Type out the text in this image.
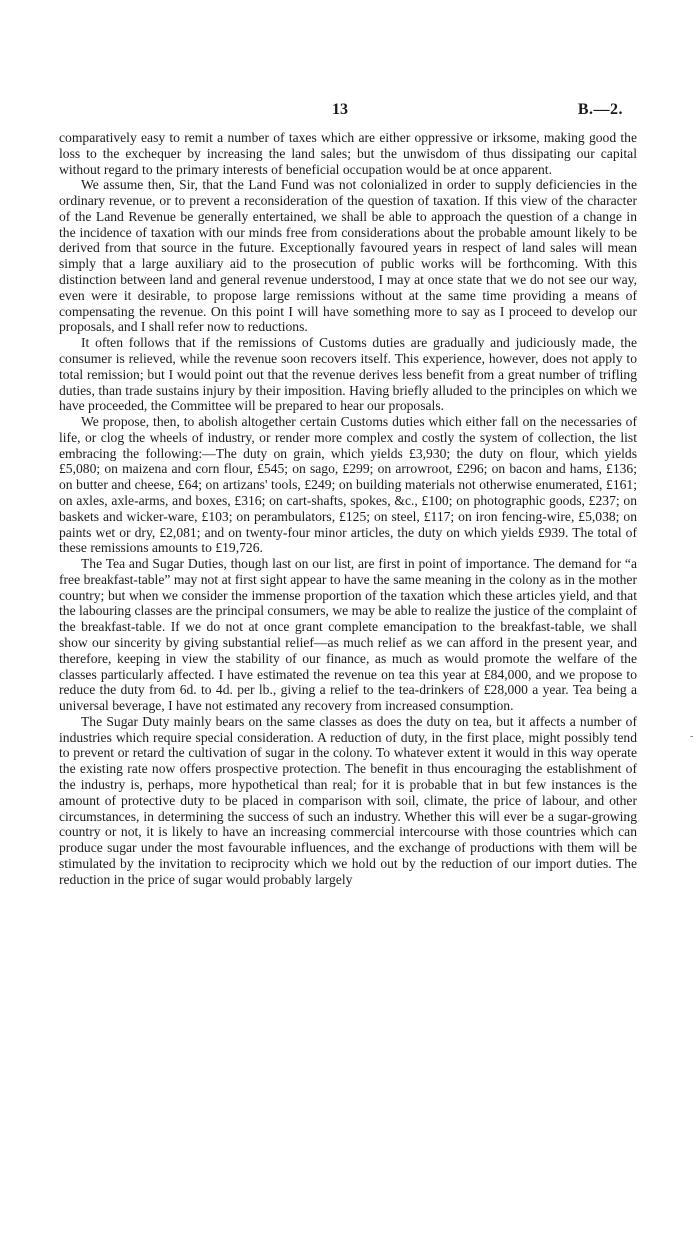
13	B.—2.

comparatively easy to remit a number of taxes which are either oppressive or irksome, making good the loss to the exchequer by increasing the land sales; but the unwisdom of thus dissipating our capital without regard to the primary interests of beneficial occupation would be at once apparent.

We assume then, Sir, that the Land Fund was not colonialized in order to supply deficiencies in the ordinary revenue, or to prevent a reconsideration of the question of taxation. If this view of the character of the Land Revenue be generally entertained, we shall be able to approach the question of a change in the incidence of taxation with our minds free from considerations about the probable amount likely to be derived from that source in the future. Exceptionally favoured years in respect of land sales will mean simply that a large auxiliary aid to the prosecution of public works will be forthcoming. With this distinction between land and general revenue understood, I may at once state that we do not see our way, even were it desirable, to propose large remissions without at the same time providing a means of compensating the revenue. On this point I will have something more to say as I proceed to develop our proposals, and I shall refer now to reductions.

It often follows that if the remissions of Customs duties are gradually and judiciously made, the consumer is relieved, while the revenue soon recovers itself. This experience, however, does not apply to total remission; but I would point out that the revenue derives less benefit from a great number of trifling duties, than trade sustains injury by their imposition. Having briefly alluded to the principles on which we have proceeded, the Committee will be prepared to hear our proposals.

We propose, then, to abolish altogether certain Customs duties which either fall on the necessaries of life, or clog the wheels of industry, or render more complex and costly the system of collection, the list embracing the following:—The duty on grain, which yields £3,930; the duty on flour, which yields £5,080; on maizena and corn flour, £545; on sago, £299; on arrowroot, £296; on bacon and hams, £136; on butter and cheese, £64; on artizans' tools, £249; on building materials not otherwise enumerated, £161; on axles, axle-arms, and boxes, £316; on cart-shafts, spokes, &c., £100; on photographic goods, £237; on baskets and wicker-ware, £103; on perambulators, £125; on steel, £117; on iron fencing-wire, £5,038; on paints wet or dry, £2,081; and on twenty-four minor articles, the duty on which yields £939. The total of these remissions amounts to £19,726.

The Tea and Sugar Duties, though last on our list, are first in point of importance. The demand for “a free breakfast-table” may not at first sight appear to have the same meaning in the colony as in the mother country; but when we consider the immense proportion of the taxation which these articles yield, and that the labouring classes are the principal consumers, we may be able to realize the justice of the complaint of the breakfast-table. If we do not at once grant complete emancipation to the breakfast-table, we shall show our sincerity by giving substantial relief—as much relief as we can afford in the present year, and therefore, keeping in view the stability of our finance, as much as would promote the welfare of the classes particularly affected. I have estimated the revenue on tea this year at £84,000, and we propose to reduce the duty from 6d. to 4d. per lb., giving a relief to the tea-drinkers of £28,000 a year. Tea being a universal beverage, I have not estimated any recovery from increased consumption.

The Sugar Duty mainly bears on the same classes as does the duty on tea, but it affects a number of industries which require special consideration. A reduction of duty, in the first place, might possibly tend to prevent or retard the cultivation of sugar in the colony. To whatever extent it would in this way operate the existing rate now offers prospective protection. The benefit in thus encouraging the establishment of the industry is, perhaps, more hypothetical than real; for it is probable that in but few instances is the amount of protective duty to be placed in comparison with soil, climate, the price of labour, and other circumstances, in determining the success of such an industry. Whether this will ever be a sugar-growing country or not, it is likely to have an increasing commercial intercourse with those countries which can produce sugar under the most favourable influences, and the exchange of productions with them will be stimulated by the invitation to reciprocity which we hold out by the reduction of our import duties. The reduction in the price of sugar would probably largely

-
